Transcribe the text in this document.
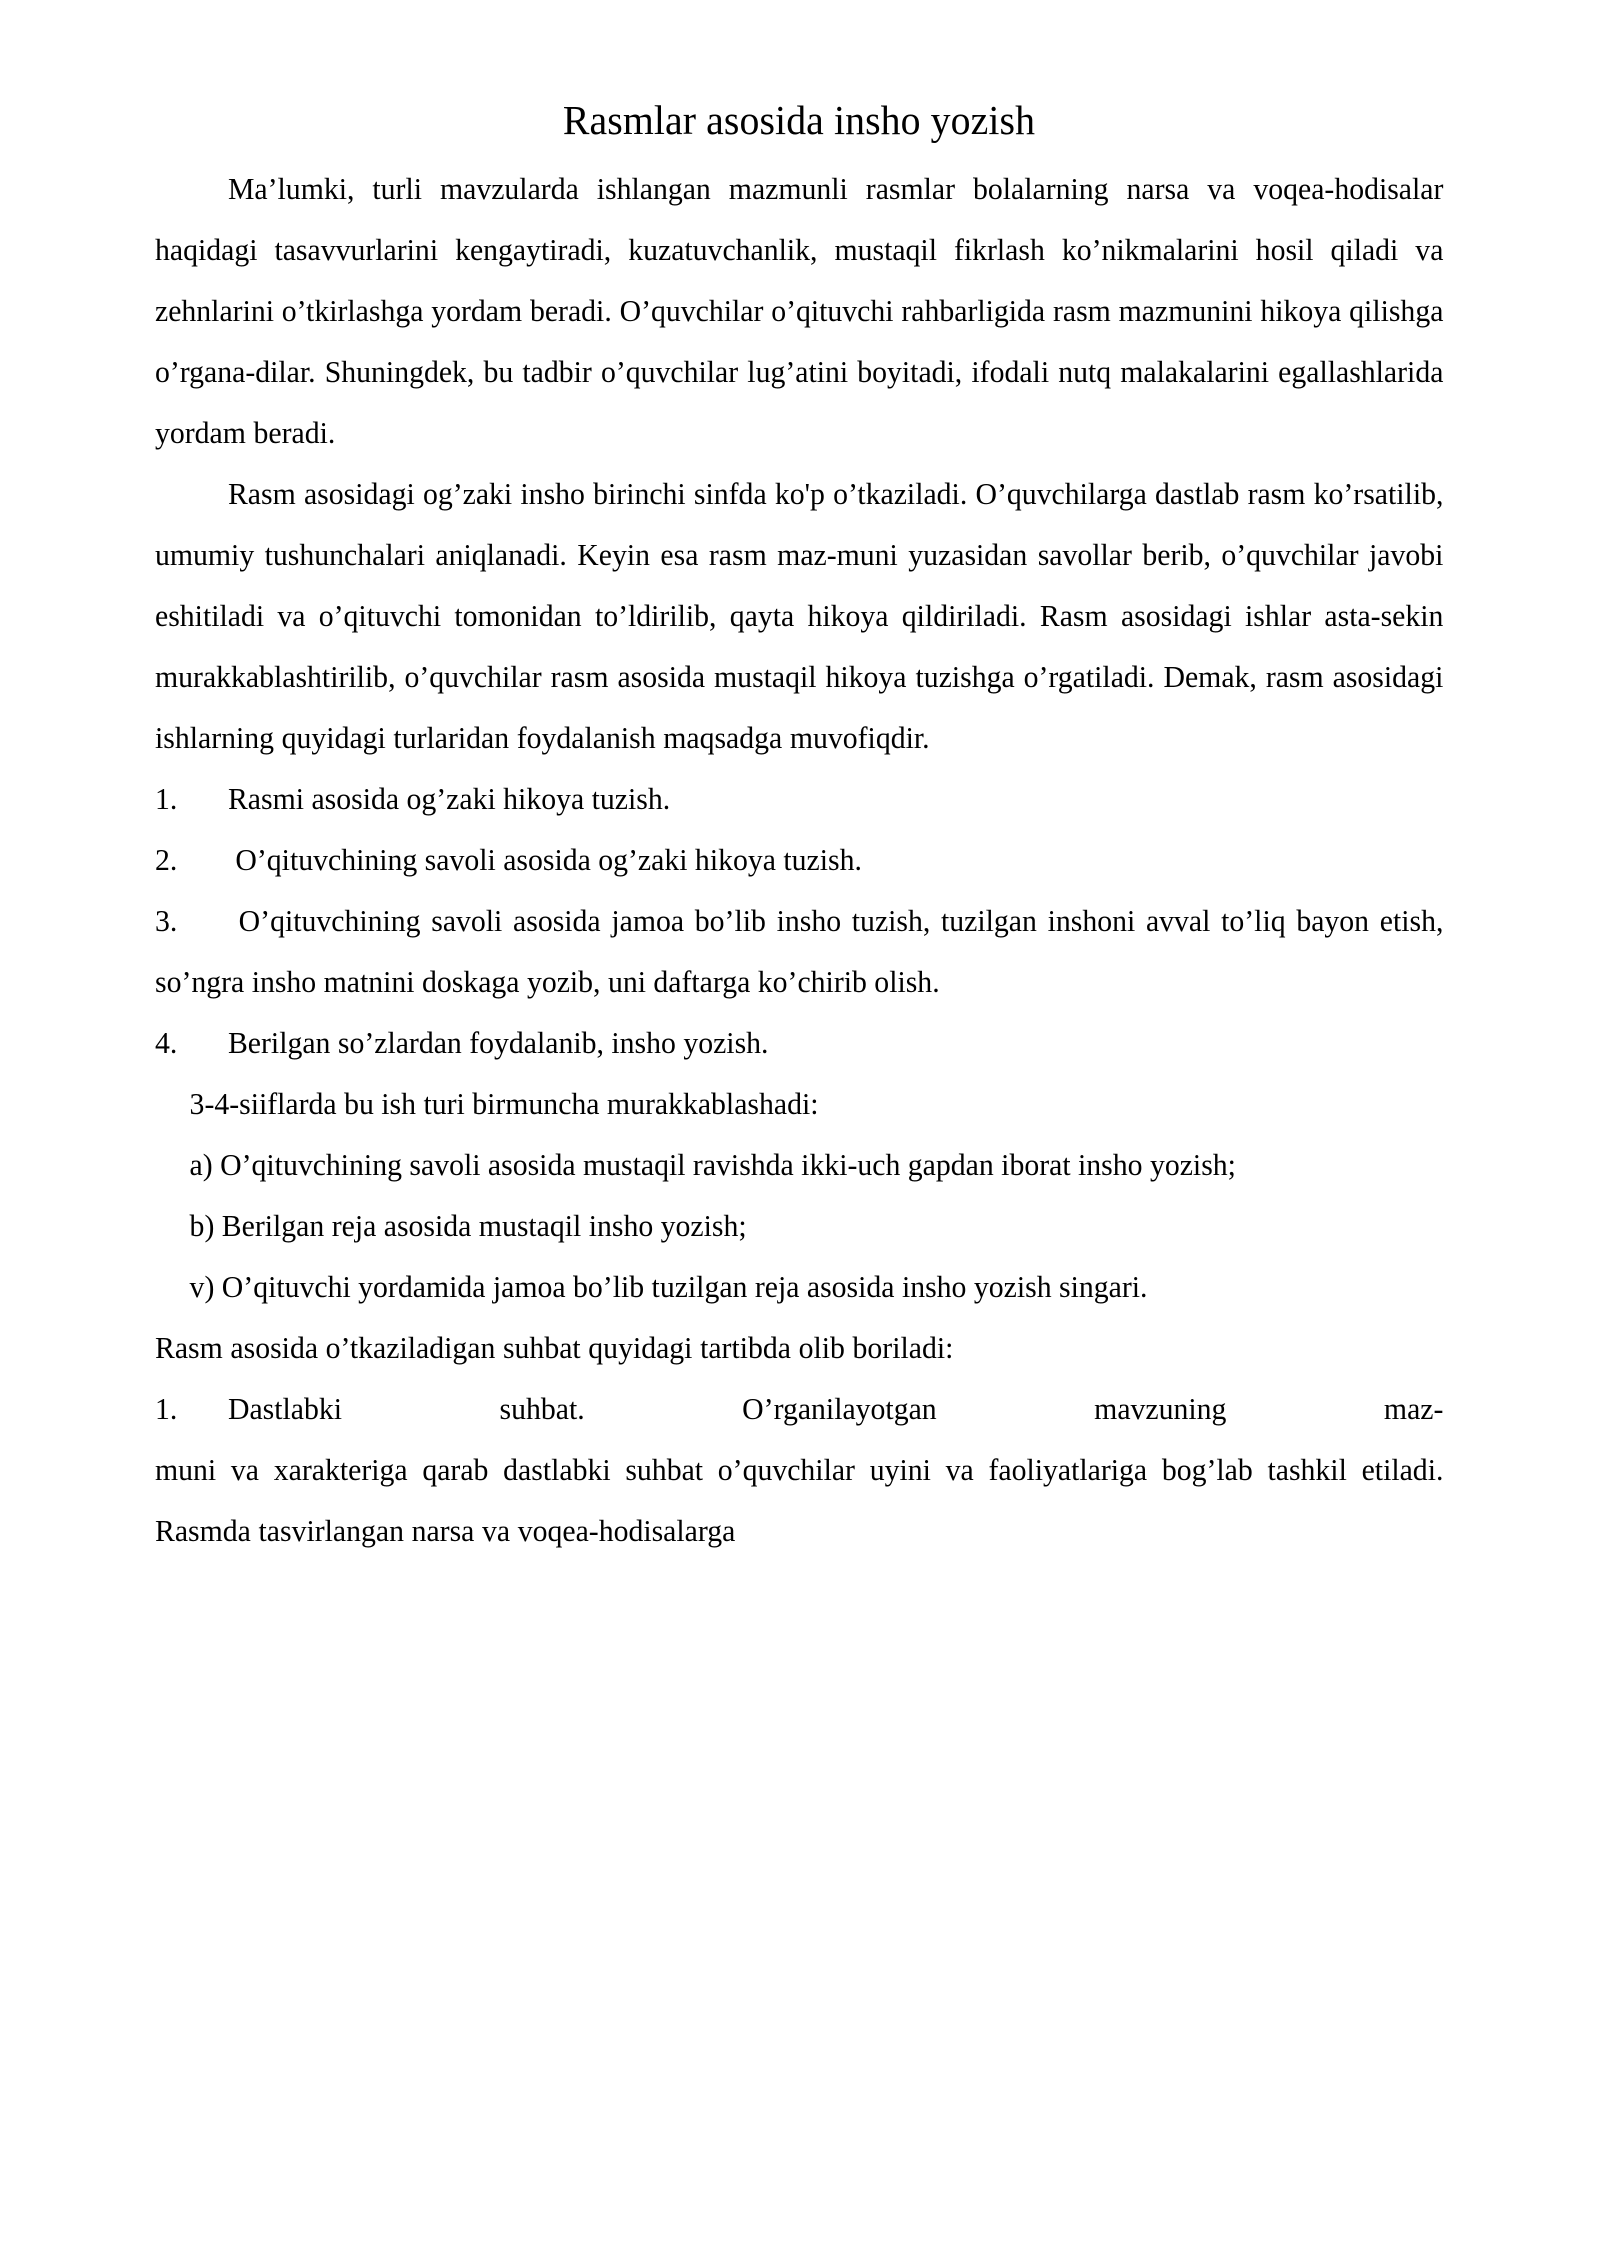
Rasmlar asosida insho yozish

Ma’lumki, turli mavzularda ishlangan mazmunli rasmlar bolalarning narsa va voqea-hodisalar haqidagi tasavvurlarini kengaytiradi, kuzatuvchanlik, mustaqil fikrlash ko’nikmalarini hosil qiladi va zehnlarini o’tkirlashga yordam beradi. O’quvchilar o’qituvchi rahbarligida rasm mazmunini hikoya qilishga o’rgana-dilar. Shuningdek, bu tadbir o’quvchilar lug’atini boyitadi, ifodali nutq malakalarini egallashlarida yordam beradi.

Rasm asosidagi og’zaki insho birinchi sinfda ko'p o’tkaziladi. O’quvchilarga dastlab rasm ko’rsatilib, umumiy tushunchalari aniqlanadi. Keyin esa rasm maz-muni yuzasidan savollar berib, o’quvchilar javobi eshitiladi va o’qituvchi tomonidan to’ldirilib, qayta hikoya qildiriladi. Rasm asosidagi ishlar asta-sekin murakkablashtirilib, o’quvchilar rasm asosida mustaqil hikoya tuzishga o’rgatiladi. Demak, rasm asosidagi ishlarning quyidagi turlaridan foydalanish maqsadga muvofiqdir.

1. Rasmi asosida og’zaki hikoya tuzish.

2. O’qituvchining savoli asosida og’zaki hikoya tuzish.

3. O’qituvchining savoli asosida jamoa bo’lib insho tuzish, tuzilgan inshoni avval to’liq bayon etish, so’ngra insho matnini doskaga yozib, uni daftarga ko’chirib olish.

4. Berilgan so’zlardan foydalanib, insho yozish.

3-4-siiflarda bu ish turi birmuncha murakkablashadi:

a) O’qituvchining savoli asosida mustaqil ravishda ikki-uch gapdan iborat insho yozish;

b) Berilgan reja asosida mustaqil insho yozish;

v) O’qituvchi yordamida jamoa bo’lib tuzilgan reja asosida insho yozish singari.

Rasm asosida o’tkaziladigan suhbat quyidagi tartibda olib boriladi:

1. Dastlabki suhbat. O’rganilayotgan mavzuning maz-

muni va xarakteriga qarab dastlabki suhbat o’quvchilar uyini va faoliyatlariga bog’lab tashkil etiladi. Rasmda tasvirlangan narsa va voqea-hodisalarga
